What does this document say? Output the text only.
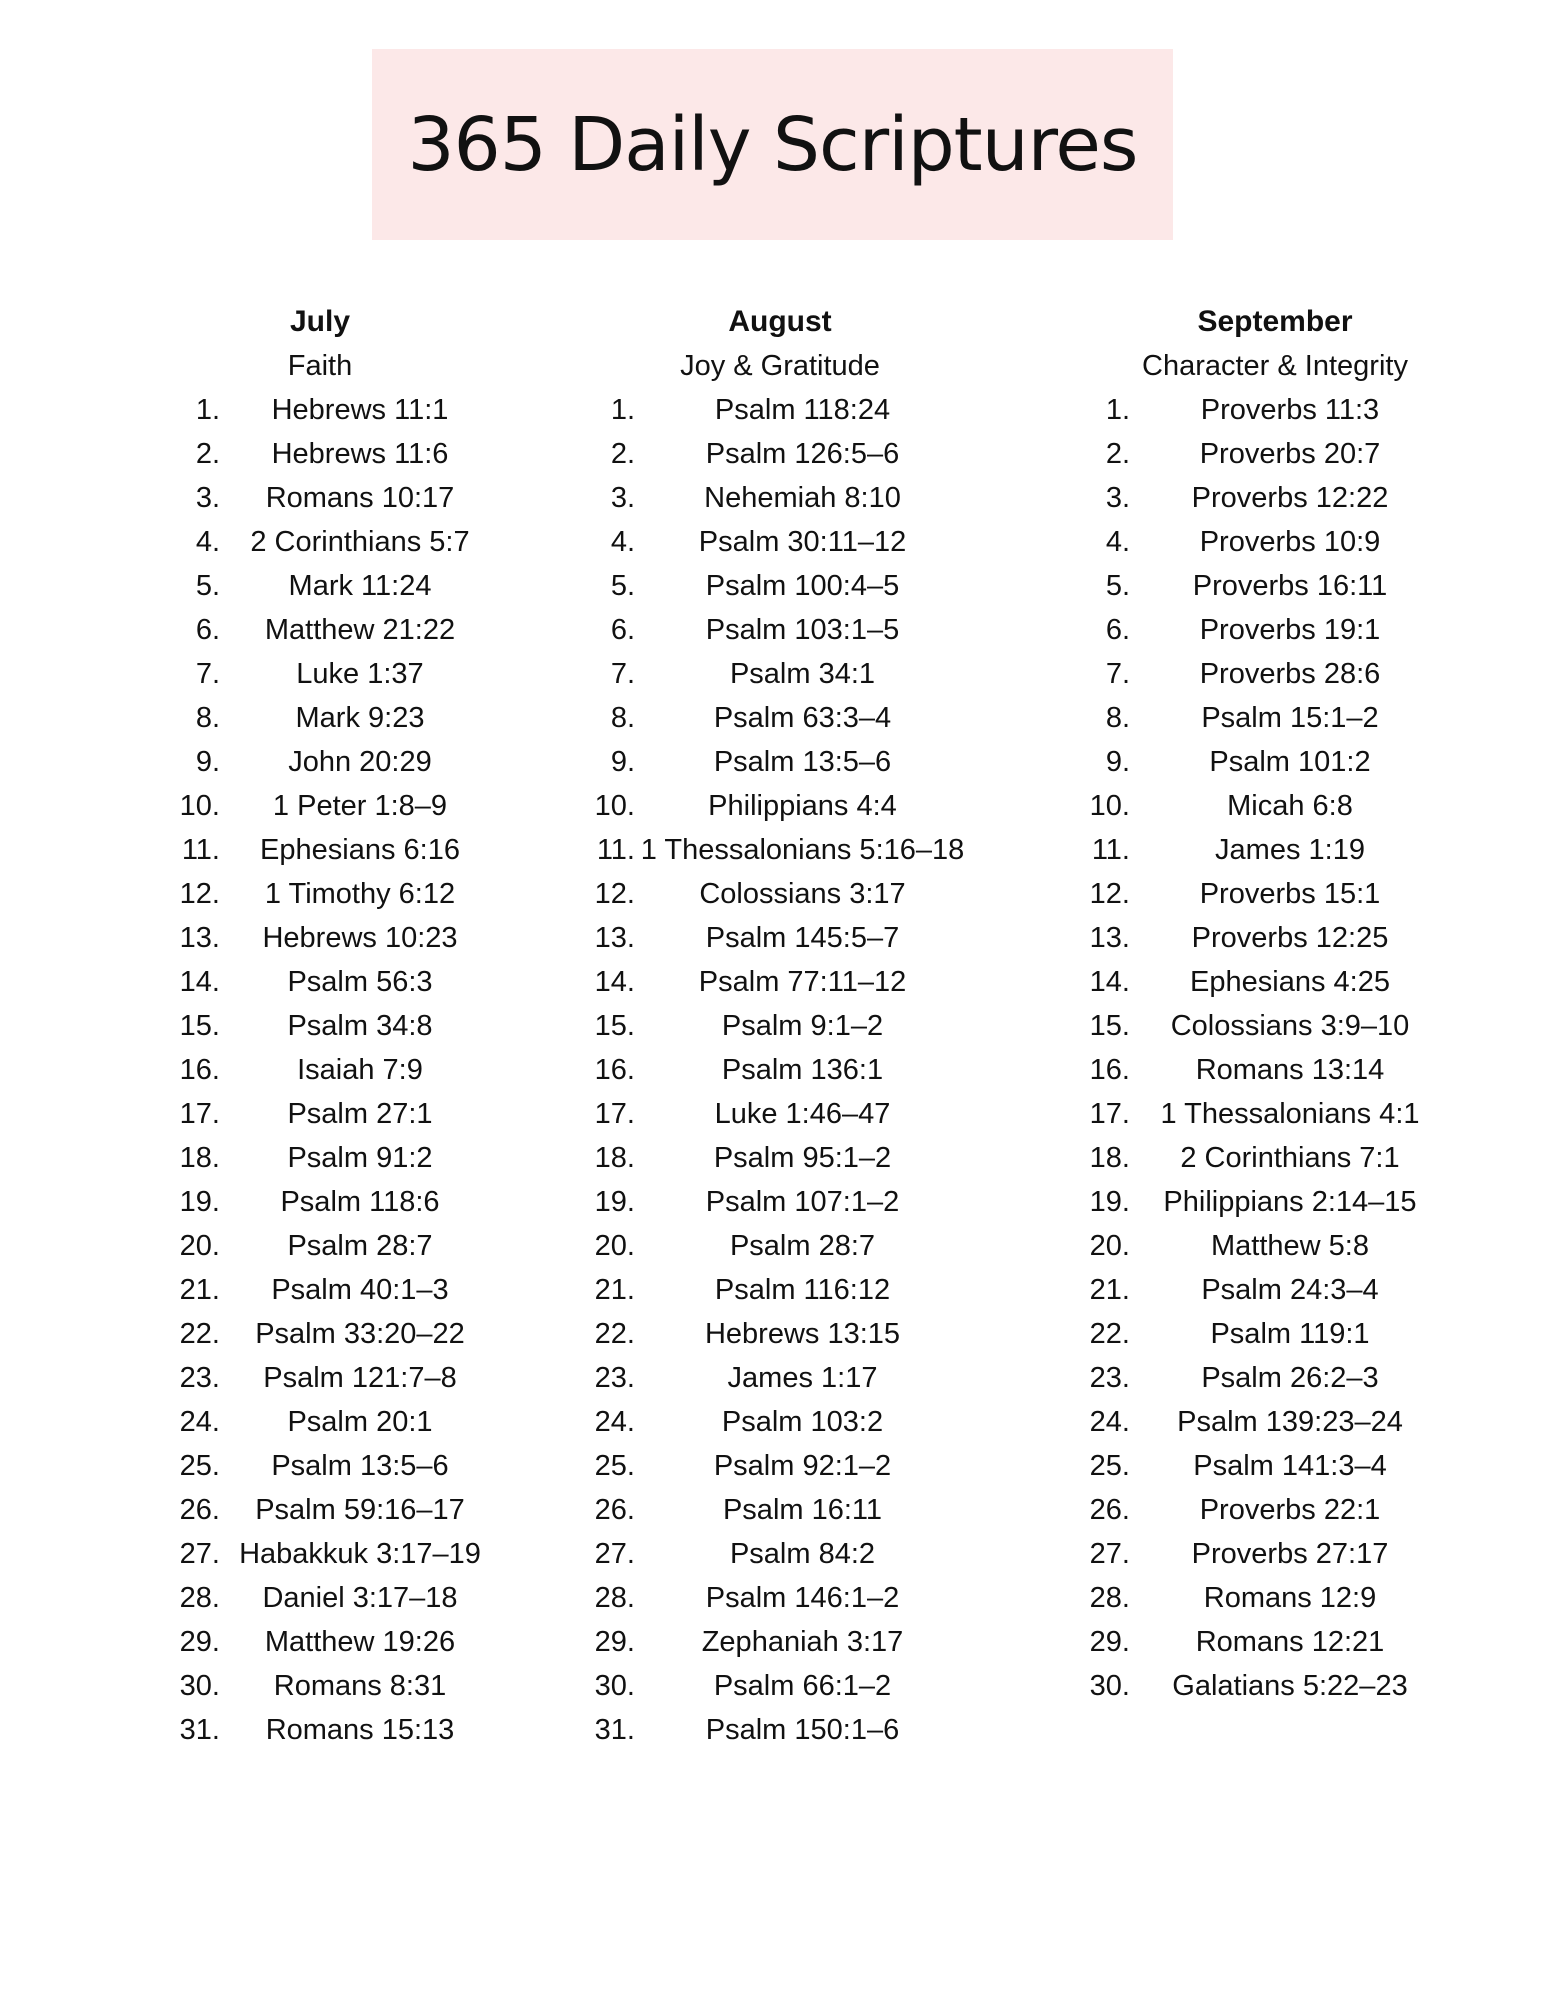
365 Daily Scriptures
July
Faith
1.	Hebrews 11:1
2.	Hebrews 11:6
3.	Romans 10:17
4.	2 Corinthians 5:7
5.	Mark 11:24
6.	Matthew 21:22
7.	Luke 1:37
8.	Mark 9:23
9.	John 20:29
10.	1 Peter 1:8–9
11.	Ephesians 6:16
12.	1 Timothy 6:12
13.	Hebrews 10:23
14.	Psalm 56:3
15.	Psalm 34:8
16.	Isaiah 7:9
17.	Psalm 27:1
18.	Psalm 91:2
19.	Psalm 118:6
20.	Psalm 28:7
21.	Psalm 40:1–3
22.	Psalm 33:20–22
23.	Psalm 121:7–8
24.	Psalm 20:1
25.	Psalm 13:5–6
26.	Psalm 59:16–17
27. Habakkuk 3:17–19
28.	Daniel 3:17–18
29.	Matthew 19:26
30.	Romans 8:31
31.	Romans 15:13
August
Joy & Gratitude
1.	Psalm 118:24
2.	Psalm 126:5–6
3.	Nehemiah 8:10
4.	Psalm 30:11–12
5.	Psalm 100:4–5
6.	Psalm 103:1–5
7.	Psalm 34:1
8.	Psalm 63:3–4
9.	Psalm 13:5–6
10.	Philippians 4:4
11. 1 Thessalonians 5:16–18
12.	Colossians 3:17
13.	Psalm 145:5–7
14.	Psalm 77:11–12
15.	Psalm 9:1–2
16.	Psalm 136:1
17.	Luke 1:46–47
18.	Psalm 95:1–2
19.	Psalm 107:1–2
20.	Psalm 28:7
21.	Psalm 116:12
22.	Hebrews 13:15
23.	James 1:17
24.	Psalm 103:2
25.	Psalm 92:1–2
26.	Psalm 16:11
27.	Psalm 84:2
28.	Psalm 146:1–2
29.	Zephaniah 3:17
30.	Psalm 66:1–2
31.	Psalm 150:1–6
September
Character & Integrity
1.	Proverbs 11:3
2.	Proverbs 20:7
3.	Proverbs 12:22
4.	Proverbs 10:9
5.	Proverbs 16:11
6.	Proverbs 19:1
7.	Proverbs 28:6
8.	Psalm 15:1–2
9.	Psalm 101:2
10.	Micah 6:8
11.	James 1:19
12.	Proverbs 15:1
13.	Proverbs 12:25
14.	Ephesians 4:25
15.	Colossians 3:9–10
16.	Romans 13:14
17.	1 Thessalonians 4:1
18.	2 Corinthians 7:1
19.	Philippians 2:14–15
20.	Matthew 5:8
21.	Psalm 24:3–4
22.	Psalm 119:1
23.	Psalm 26:2–3
24.	Psalm 139:23–24
25.	Psalm 141:3–4
26.	Proverbs 22:1
27.	Proverbs 27:17
28.	Romans 12:9
29.	Romans 12:21
30.	Galatians 5:22–23
